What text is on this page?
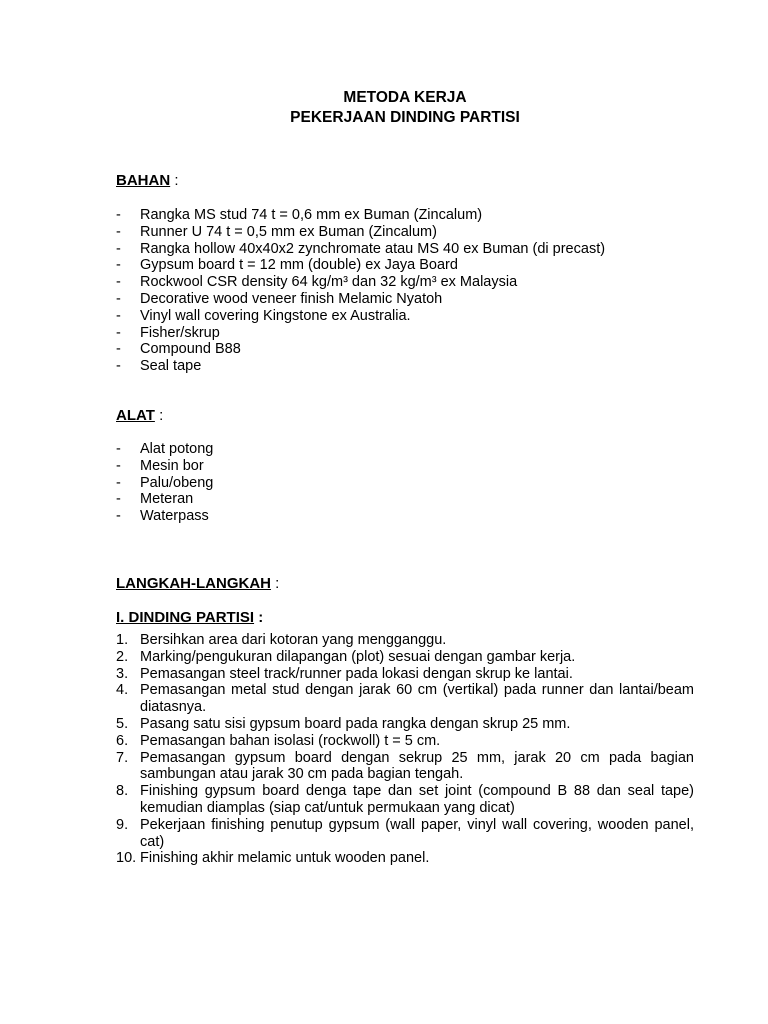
METODA KERJA
PEKERJAAN DINDING PARTISI
BAHAN :
- Rangka MS stud 74 t = 0,6 mm ex Buman (Zincalum)
- Runner U 74 t = 0,5 mm ex Buman (Zincalum)
- Rangka hollow 40x40x2 zynchromate atau MS 40 ex Buman (di precast)
- Gypsum board t = 12 mm (double) ex Jaya Board
- Rockwool CSR density 64 kg/m³ dan 32 kg/m³ ex Malaysia
- Decorative wood veneer finish Melamic Nyatoh
- Vinyl wall covering Kingstone ex Australia.
- Fisher/skrup
- Compound B88
- Seal tape
ALAT :
- Alat potong
- Mesin bor
- Palu/obeng
- Meteran
- Waterpass
LANGKAH-LANGKAH :
I. DINDING PARTISI :
1. Bersihkan area dari kotoran yang mengganggu.
2. Marking/pengukuran dilapangan (plot) sesuai dengan gambar kerja.
3. Pemasangan steel track/runner pada lokasi dengan skrup ke lantai.
4. Pemasangan metal stud dengan jarak 60 cm (vertikal) pada runner dan lantai/beam diatasnya.
5. Pasang satu sisi gypsum board pada rangka dengan skrup 25 mm.
6. Pemasangan bahan isolasi (rockwoll) t = 5 cm.
7. Pemasangan gypsum board dengan sekrup 25 mm, jarak 20 cm pada bagian sambungan atau jarak 30 cm pada bagian tengah.
8. Finishing gypsum board denga tape dan set joint (compound B 88 dan seal tape) kemudian diamplas (siap cat/untuk permukaan yang dicat)
9. Pekerjaan finishing penutup gypsum (wall paper, vinyl wall covering, wooden panel, cat)
10. Finishing akhir melamic untuk wooden panel.
